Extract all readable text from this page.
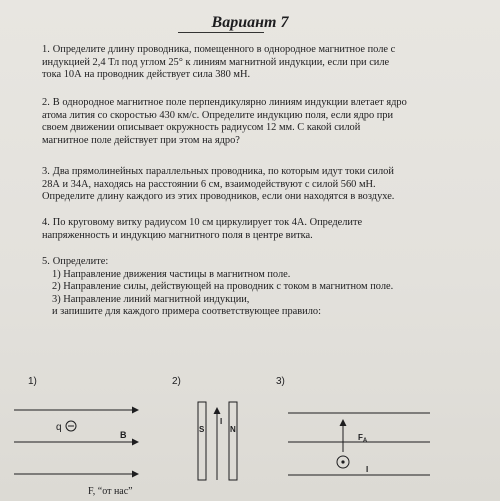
Вариант 7
1. Определите длину проводника, помещенного в однородное магнитное поле с
индукцией 2,4 Тл под углом 25° к линиям магнитной индукции, если при силе
тока 10А на проводник действует сила 380 мН.
2. В однородное магнитное поле перпендикулярно линиям индукции влетает ядро
атома лития со скоростью 430 км/с. Определите индукцию поля, если ядро при
своем движении описывает окружность радиусом 12 мм. С какой силой
магнитное поле действует при этом на ядро?
3. Два прямолинейных параллельных проводника, по которым идут токи силой
28А и 34А, находясь на расстоянии 6 см, взаимодействуют с силой 560 мН.
Определите длину каждого из этих проводников, если они находятся в воздухе.
4. По круговому витку радиусом 10 см циркулирует ток 4А. Определите
напряженность и индукцию магнитного поля в центре витка.
5. Определите:
1) Направление движения частицы в магнитном поле.
2) Направление силы, действующей на проводник с током в магнитном поле.
3) Направление линий магнитной индукции,
и запишите для каждого примера соответствующее правило:
1)	2)	3)
q
B
S	N
I
$F_A$
I
F, “от нас”
